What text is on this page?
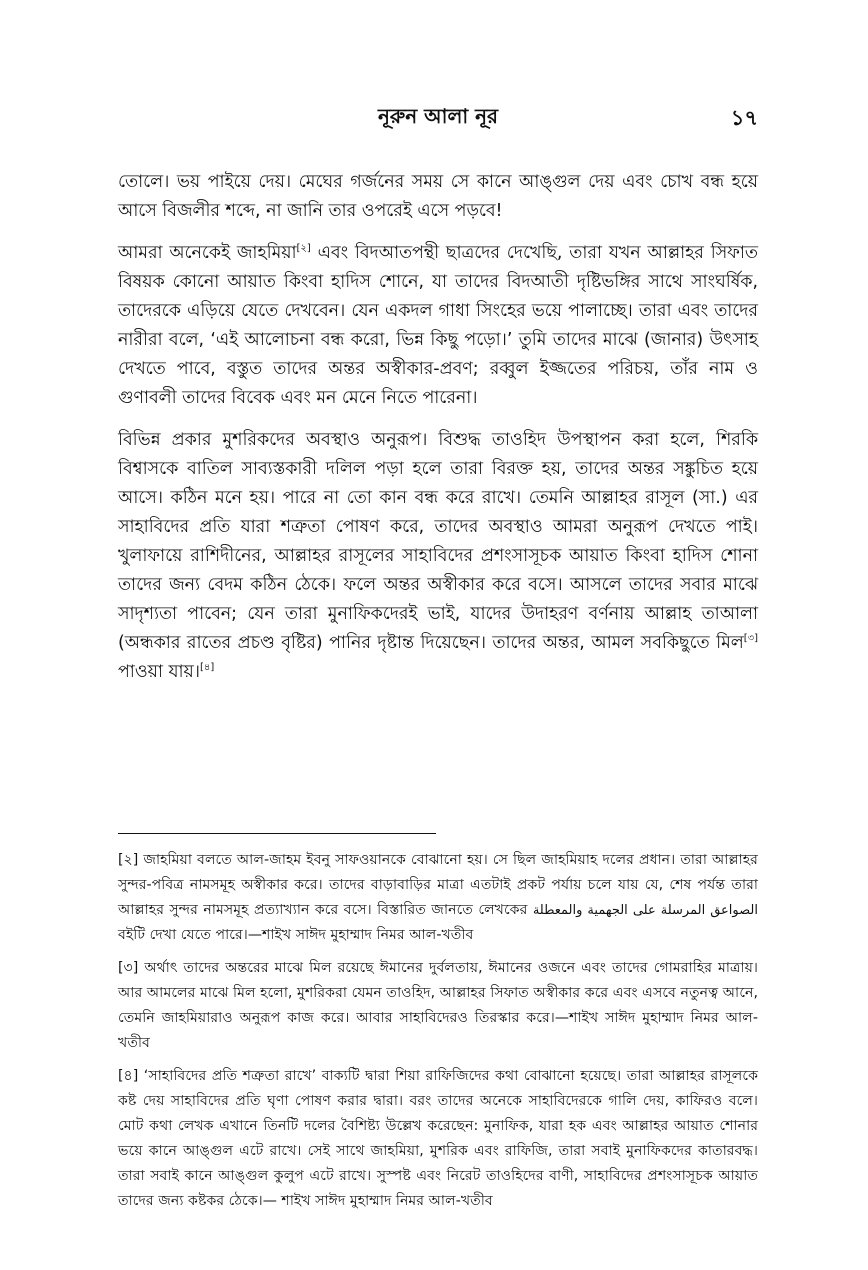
নূরুন আলা নূর	১৭

তোলে। ভয় পাইয়ে দেয়। মেঘের গর্জনের সময় সে কানে আঙ্গুল দেয় এবং চোখ বন্ধ হয়ে আসে বিজলীর শব্দে, না জানি তার ওপরেই এসে পড়বে!

আমরা অনেকেই জাহমিয়া[২] এবং বিদআতপন্থী ছাত্রদের দেখেছি, তারা যখন আল্লাহর সিফাত বিষয়ক কোনো আয়াত কিংবা হাদিস শোনে, যা তাদের বিদআতী দৃষ্টিভঙ্গির সাথে সাংঘর্ষিক, তাদেরকে এড়িয়ে যেতে দেখবেন। যেন একদল গাধা সিংহের ভয়ে পালাচ্ছে। তারা এবং তাদের নারীরা বলে, ‘এই আলোচনা বন্ধ করো, ভিন্ন কিছু পড়ো।’ তুমি তাদের মাঝে (জানার) উৎসাহ দেখতে পাবে, বস্তুত তাদের অন্তর অস্বীকার-প্রবণ; রব্বুল ইজ্জতের পরিচয়, তাঁর নাম ও গুণাবলী তাদের বিবেক এবং মন মেনে নিতে পারেনা।

বিভিন্ন প্রকার মুশরিকদের অবস্থাও অনুরূপ। বিশুদ্ধ তাওহিদ উপস্থাপন করা হলে, শিরকি বিশ্বাসকে বাতিল সাব্যস্তকারী দলিল পড়া হলে তারা বিরক্ত হয়, তাদের অন্তর সঙ্কুচিত হয়ে আসে। কঠিন মনে হয়। পারে না তো কান বন্ধ করে রাখে। তেমনি আল্লাহর রাসূল (সা.) এর সাহাবিদের প্রতি যারা শত্রুতা পোষণ করে, তাদের অবস্থাও আমরা অনুরূপ দেখতে পাই। খুলাফায়ে রাশিদীনের, আল্লাহর রাসূলের সাহাবিদের প্রশংসাসূচক আয়াত কিংবা হাদিস শোনা তাদের জন্য বেদম কঠিন ঠেকে। ফলে অন্তর অস্বীকার করে বসে। আসলে তাদের সবার মাঝে সাদৃশ্যতা পাবেন; যেন তারা মুনাফিকদেরই ভাই, যাদের উদাহরণ বর্ণনায় আল্লাহ তাআলা (অন্ধকার রাতের প্রচণ্ড বৃষ্টির) পানির দৃষ্টান্ত দিয়েছেন। তাদের অন্তর, আমল সবকিছুতে মিল[৩] পাওয়া যায়।[৪]

[২] জাহমিয়া বলতে আল-জাহম ইবনু সাফওয়ানকে বোঝানো হয়। সে ছিল জাহমিয়াহ দলের প্রধান। তারা আল্লাহর সুন্দর-পবিত্র নামসমূহ অস্বীকার করে। তাদের বাড়াবাড়ির মাত্রা এতটাই প্রকট পর্যায় চলে যায় যে, শেষ পর্যন্ত তারা আল্লাহর সুন্দর নামসমূহ প্রত্যাখ্যান করে বসে। বিস্তারিত জানতে লেখকের الصواعق المرسلة على الجهمية والمعطلة বইটি দেখা যেতে পারে।—শাইখ সাঈদ মুহাম্মাদ নিমর আল-খতীব

[৩] অর্থাৎ তাদের অন্তরের মাঝে মিল রয়েছে ঈমানের দুর্বলতায়, ঈমানের ওজনে এবং তাদের গোমরাহির মাত্রায়। আর আমলের মাঝে মিল হলো, মুশরিকরা যেমন তাওহিদ, আল্লাহর সিফাত অস্বীকার করে এবং এসবে নতুনত্ব আনে, তেমনি জাহমিয়ারাও অনুরূপ কাজ করে। আবার সাহাবিদেরও তিরস্কার করে।—শাইখ সাঈদ মুহাম্মাদ নিমর আল-খতীব

[৪] ‘সাহাবিদের প্রতি শত্রুতা রাখে’ বাক্যটি দ্বারা শিয়া রাফিজিদের কথা বোঝানো হয়েছে। তারা আল্লাহর রাসূলকে কষ্ট দেয় সাহাবিদের প্রতি ঘৃণা পোষণ করার দ্বারা। বরং তাদের অনেকে সাহাবিদেরকে গালি দেয়, কাফিরও বলে। মোট কথা লেখক এখানে তিনটি দলের বৈশিষ্ট্য উল্লেখ করেছেন: মুনাফিক, যারা হক এবং আল্লাহর আয়াত শোনার ভয়ে কানে আঙ্গুল এটে রাখে। সেই সাথে জাহমিয়া, মুশরিক এবং রাফিজি, তারা সবাই মুনাফিকদের কাতারবদ্ধ। তারা সবাই কানে আঙ্গুল কুলুপ এটে রাখে। সুস্পষ্ট এবং নিরেট তাওহিদের বাণী, সাহাবিদের প্রশংসাসূচক আয়াত তাদের জন্য কষ্টকর ঠেকে।— শাইখ সাঈদ মুহাম্মাদ নিমর আল-খতীব
